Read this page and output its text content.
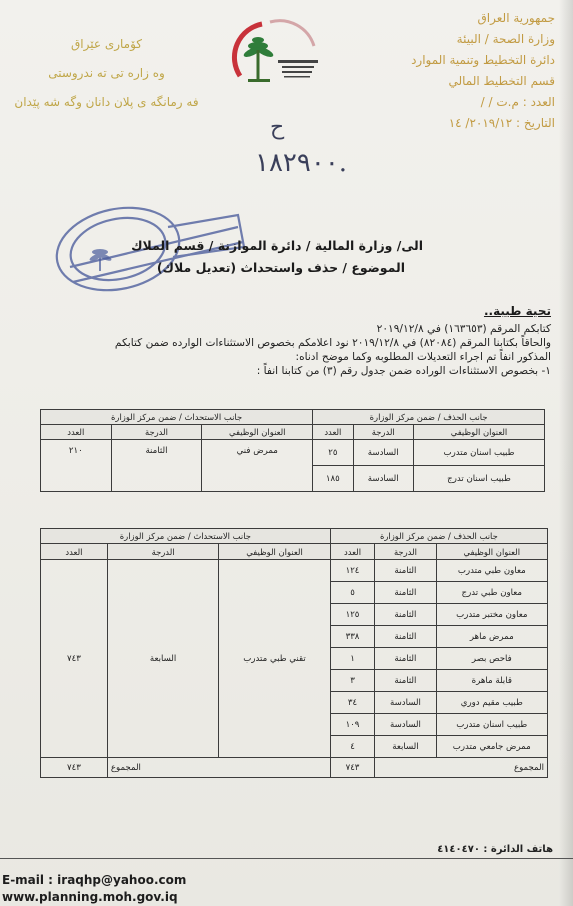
جمهورية العراق
وزارة الصحة / البيئة
دائرة التخطيط وتنمية الموارد
قسم التخطيط المالي
العدد : م.ت / /
التاريخ : ٢٠١٩/١٢/ ١٤
كۆماری عێراق
وه زاره تی ته ندروستی
فه رمانگه ی پلان دانان وگه شه پێدان
ح
١٨٢٩٠٠.
الى/ وزارة المالية / دائرة الموازنة / قسم الملاك
الموضوع / حذف واستحداث (تعديل ملاك)
تحية طيبة..
كتابكم المرقم (١٦٣٦٥٣) في ٢٠١٩/١٢/٨
والحاقاً بكتابنا المرقم (٨٢٠٨٤) في ٢٠١٩/١٢/٨ نود اعلامكم بخصوص الاستثناءات الوارده ضمن كتابكم
المذكور انفاً تم اجراء التعديلات المطلوبه وكما موضح ادناه:
١- بخصوص الاستثناءات الوراده ضمن جدول رقم (٣) من كتابنا انفاً :
جانب الحذف / ضمن مركز الوزارة			جانب الاستحداث / ضمن مركز الوزارة		
العنوان الوظيفي	الدرجة	العدد	العنوان الوظيفي	الدرجة	العدد
طبيب اسنان متدرب	السادسة	٢٥	ممرض فني	الثامنة	٢١٠
طبيب اسنان تدرج	السادسة	١٨٥			
جانب الحذف / ضمن مركز الوزارة			جانب الاستحداث / ضمن مركز الوزارة		
العنوان الوظيفي	الدرجة	العدد	العنوان الوظيفي	الدرجة	العدد
معاون طبي متدرب	الثامنة	١٢٤	تقني طبي متدرب	السابعة	٧٤٣
معاون طبي تدرج	الثامنة	٥			
معاون مختبر متدرب	الثامنة	١٢٥			
ممرض ماهر	الثامنة	٣٣٨			
فاحص بصر	الثامنة	١			
قابلة ماهرة	الثامنة	٣			
طبيب مقيم دوري	السادسة	٣٤			
طبيب اسنان متدرب	السادسة	١٠٩			
ممرض جامعي متدرب	السابعة	٤			
المجموع		٧٤٣	المجموع		٧٤٣
هاتف الدائرة : ٤١٤٠٤٧٠
E-mail : iraqhp@yahoo.com
www.planning.moh.gov.iq
